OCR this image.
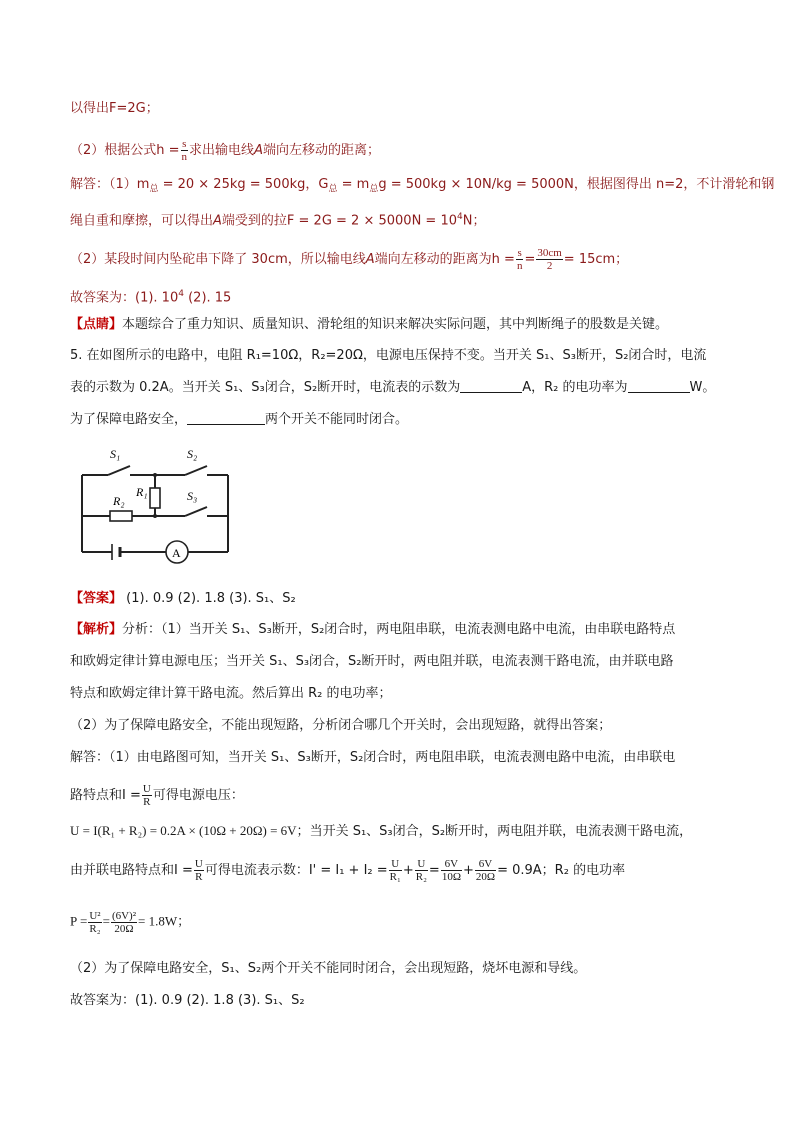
以得出F=2G；
（2）根据公式$h = \frac{s}{n}$ 求出输电线A端向左移动的距离；
解答：$(1)m_总 = 20 \times 25kg = 500kg$，$G_总 = m_总g = 500kg \times 10N/kg = 5000N$，根据图得出 n=2，不计滑轮和钢
绳自重和摩擦，可以得出A端受到的拉$F = 2G = 2 \times 5000N = 10^4N$；
（2）某段时间内坠砣串下降了 30cm，所以输电线A端向左移动的距离为$h = \frac{s}{n} = \frac{30cm}{2} = 15cm$；
故答案为：(1). $10^4$ (2). 15
【点睛】本题综合了重力知识、质量知识、滑轮组的知识来解决实际问题，其中判断绳子的股数是关键。
5. 在如图所示的电路中，电阻 R₁=10Ω，R₂=20Ω，电源电压保持不变。当开关 S₁、S₃断开，S₂闭合时，电流
表的示数为 0.2A。当开关 S₁、S₃闭合，S₂断开时，电流表的示数为	A，R₂ 的电功率为	W。
为了保障电路安全，	两个开关不能同时闭合。
S₁	S₂
S₃
R₁
R₂
A
【答案】 (1). 0.9 (2). 1.8 (3). S₁、S₂
【解析】分析：（1）当开关 S₁、S₃断开，S₂闭合时，两电阻串联，电流表测电路中电流，由串联电路特点
和欧姆定律计算电源电压；当开关 S₁、S₃闭合，S₂断开时，两电阻并联，电流表测干路电流，由并联电路
特点和欧姆定律计算干路电流。然后算出 R₂ 的电功率；
（2）为了保障电路安全，不能出现短路，分析闭合哪几个开关时，会出现短路，就得出答案；
解答：（1）由电路图可知，当开关 S₁、S₃断开，S₂闭合时，两电阻串联，电流表测电路中电流，由串联电
路特点和$I = \frac{U}{R}$ 可得电源电压：
U = I(R₁ + R₂) = 0.2A × (10Ω + 20Ω) = 6V；当开关 S₁、S₃闭合，S₂断开时，两电阻并联，电流表测干路电流，
由并联电路特点和$I = \frac{U}{R}$ 可得电流表示数：$I' = I_1 + I_2 = \frac{U}{\text{R₁}} + \frac{U}{\text{R₂}} = \frac{6V}{10\Omega} + \frac{6V}{20\Omega} = 0.9A$；R₂ 的电功率
$P = \frac{\text{U²}}{\text{R₂}} = \frac{\text{(6V)²}}{20\Omega} = 1.8W$；
（2）为了保障电路安全，S₁、S₂两个开关不能同时闭合，会出现短路，烧坏电源和导线。
故答案为：(1). 0.9 (2). 1.8 (3). S₁、S₂
